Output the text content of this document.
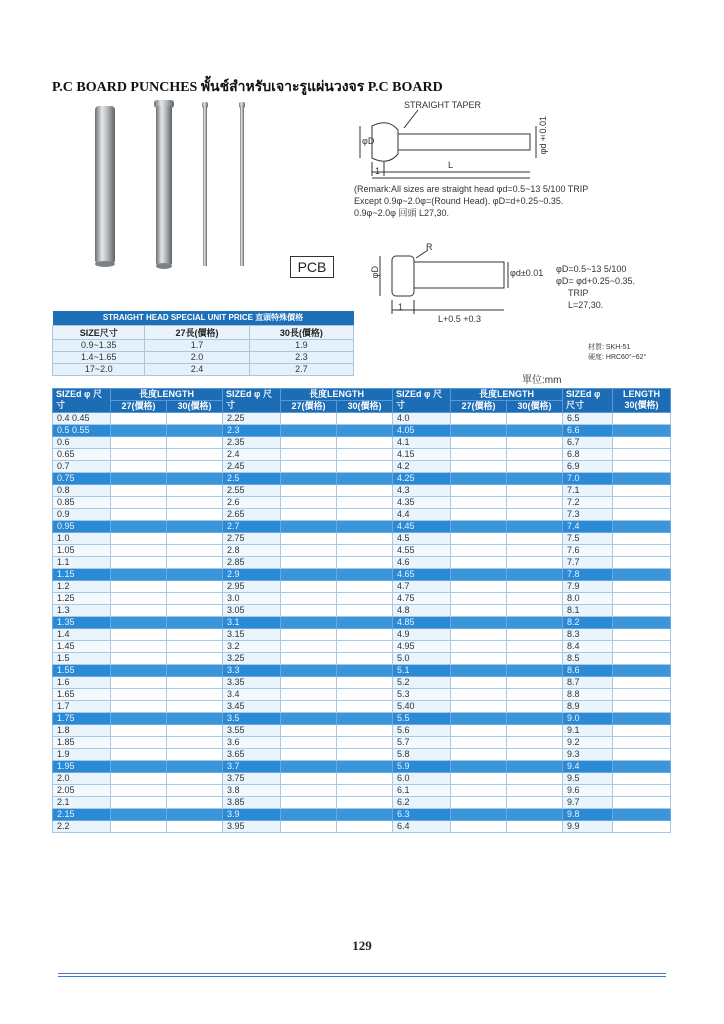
P.C BOARD PUNCHES พั้นช์สำหรับเจาะรูแผ่นวงจร P.C BOARD
PCB
STRAIGHT TAPER
φD	φd±0.01
L
1
(Remark:All sizes are straight head φd=0.5~13 5/100 TRIP
Except 0.9φ~2.0φ=(Round Head). φD=d+0.25~0.35.
0.9φ~2.0φ 回頭 L27,30.
R
φD	φd±0.01
1
L+0.5 +0.3
φD=0.5~13 5/100
φD= φd+0.25~0.35.
TRIP
L=27,30.
材質: SKH-51
硬度: HRC60°~62°
STRAIGHT HEAD SPECIAL UNIT PRICE 直頭特殊價格		
SIZE尺寸	27長(價格)	30長(價格)
0.9~1.35	1.7	1.9
1.4~1.65	2.0	2.3
17~2.0	2.4	2.7
單位:mm
SIZEd φ 尺寸	長度LENGTH		SIZEd φ 尺寸	長度LENGTH		SIZEd φ 尺寸	長度LENGTH		SIZEd φ 尺寸	LENGTH 30(價格)
	27(價格)	30(價格)		27(價格)	30(價格)		27(價格)	30(價格)		
0.4 0.45			2.25			4.0			6.5	
0.5 0.55			2.3			4.05			6.6	
0.6			2.35			4.1			6.7	
0.65			2.4			4.15			6.8	
0.7			2.45			4.2			6.9	
0.75			2.5			4.25			7.0	
0.8			2.55			4.3			7.1	
0.85			2.6			4.35			7.2	
0.9			2.65			4.4			7.3	
0.95			2.7			4.45			7.4	
1.0			2.75			4.5			7.5	
1.05			2.8			4.55			7.6	
1.1			2.85			4.6			7.7	
1.15			2.9			4.65			7.8	
1.2			2.95			4.7			7.9	
1.25			3.0			4.75			8.0	
1.3			3.05			4.8			8.1	
1.35			3.1			4.85			8.2	
1.4			3.15			4.9			8.3	
1.45			3.2			4.95			8.4	
1.5			3.25			5.0			8.5	
1.55			3.3			5.1			8.6	
1.6			3.35			5.2			8.7	
1.65			3.4			5.3			8.8	
1.7			3.45			5.40			8.9	
1.75			3.5			5.5			9.0	
1.8			3.55			5.6			9.1	
1.85			3.6			5.7			9.2	
1.9			3.65			5.8			9.3	
1.95			3.7			5.9			9.4	
2.0			3.75			6.0			9.5	
2.05			3.8			6.1			9.6	
2.1			3.85			6.2			9.7	
2.15			3.9			6.3			9.8	
2.2			3.95			6.4			9.9	
129
